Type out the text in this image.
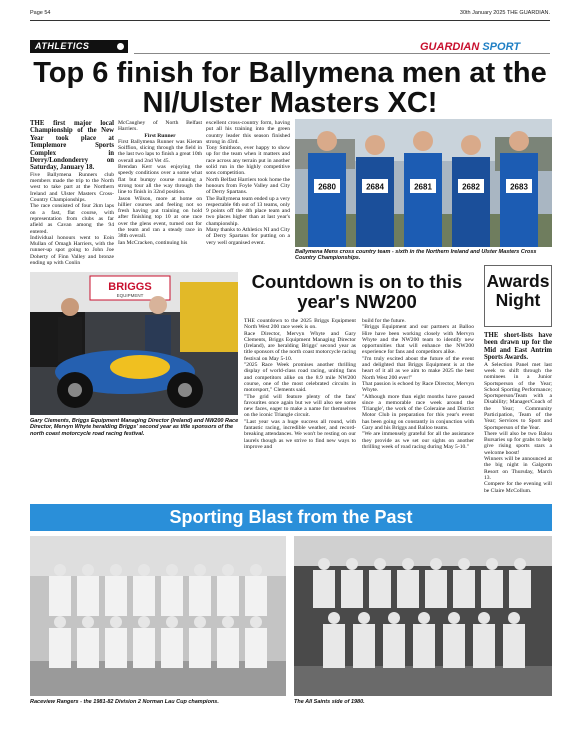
Page 54	30th January 2025 THE GUARDIAN.
ATHLETICS	GUARDIAN SPORT
Top 6 finish for Ballymena men at the NI/Ulster Masters XC!

THE first major local Championship of the New Year took place at Templemore Sports Complex in Derry/Londonderry on Saturday, January 18.

Five Ballymena Runners club members made the trip to the North west to take part at the Northern Ireland and Ulster Masters Cross-Country Championships.

The race consisted of four 2km laps on a fast, flat course, with representation from clubs as far afield as Cavan among the 94 entered.

Individual honours went to Eoin Mullan of Omagh Harriers, with the runner-up spot going to John Joe Doherty of Finn Valley and bronze ending up with Conlin

McCaughey of North Belfast Harriers.

First Runner

First Ballymena Runner was Kieran Soiffion, slicing through the field in the last two laps to finish a great 10th overall and 2nd Vet 45.

Brendan Kerr was enjoying the speedy conditions over a some what flat but bumpy course running a strong tour all the way through the line to finish in 32nd position.

Jason Wilson, more at home on hillier courses and feeling not so fresh having put training on hold after finishing top 10 at one race over the glens event, turned out for the team and ran a steady race in 38th overall.

Ian McCracken, continuing his

excellent cross-country form, having put all his training into the green country leader this season finished strong in 43rd.

Tony Smithson, ever happy to show up for the team when it matters and race across any terrain put in another solid run in the highly competitive sons competition.

North Belfast Harriers took home the honours from Foyle Valley and City of Derry Spartans.

The Ballymena team ended up a very respectable 6th out of 13 teams, only 9 points off the 4th place team and two places higher than at last year's championship.

Many thanks to Athletics NI and City of Derry Spartans for putting on a very well organised event.

2680	2684	2681	2682	2683
Ballymena Mens cross country team - sixth in the Northern Ireland and Ulster Masters Cross Country Championships.
BRIGGS
EQUIPMENT
Gary Clements, Briggs Equipment Managing Director (Ireland) and NW200 Race Director, Mervyn Whyte heralding Briggs' second year as title sponsors of the north coast motorcycle road racing festival.
Countdown is on to this year's NW200

THE countdown to the 2025 Briggs Equipment North West 200 race week is on.

Race Director, Mervyn Whyte and Gary Clements, Briggs Equipment Managing Director (Ireland), are heralding Briggs' second year as title sponsors of the north coast motorcycle racing festival on May 5-10.

"2025 Race Week promises another thrilling display of world-class road racing, uniting fans and competitors alike on the 8.9 mile NW200 course, one of the most celebrated circuits in motorsport," Clements said.

"The grid will feature plenty of the fans' favourites once again but we will also see some new faces, eager to make a name for themselves on the iconic Triangle circuit.

"Last year was a huge success all round, with fantastic racing, incredible weather, and record-breaking attendances. We won't be resting on our laurels though as we strive to find new ways to improve and

build for the future.

"Briggs Equipment and our partners at Balloo Hire have been working closely with Mervyn Whyte and the NW200 team to identify new opportunities that will enhance the NW200 experience for fans and competitors alike.

"I'm truly excited about the future of the event and delighted that Briggs Equipment is at the heart of it all as we aim to make 2025 the best North West 200 ever!"

That passion is echoed by Race Director, Mervyn Whyte.

"Although more than eight months have passed since a memorable race week around the 'Triangle', the work of the Coleraine and District Motor Club in preparation for this year's event has been going on constantly in conjunction with Gary and his Briggs and Balloo teams.

"We are immensely grateful for all the assistance they provide as we set our sights on another thrilling week of road racing during May 5-10."

Awards Night

THE short-lists have been drawn up for the Mid and East Antrim Sports Awards.

A Selection Panel met last week to shift through the nominees in a Junior Sportsperson of the Year; School Sporting Performance; Sportsperson/Team with a Disability; Manager/Coach of the Year; Community Participation, Team of the Year; Services to Sport and Sportsperson of the Year.

There will also be two Balou Bursaries up for grabs to help give rising sports stars a welcome boost!

Winners will be announced at the big night in Galgorm Resort on Thursday, March 13.

Compere for the evening will be Claire McCollum.

Sporting Blast from the Past
Raceview Rangers - the 1981-82 Division 2 Norman Lau Cup champions.	The All Saints side of 1980.
